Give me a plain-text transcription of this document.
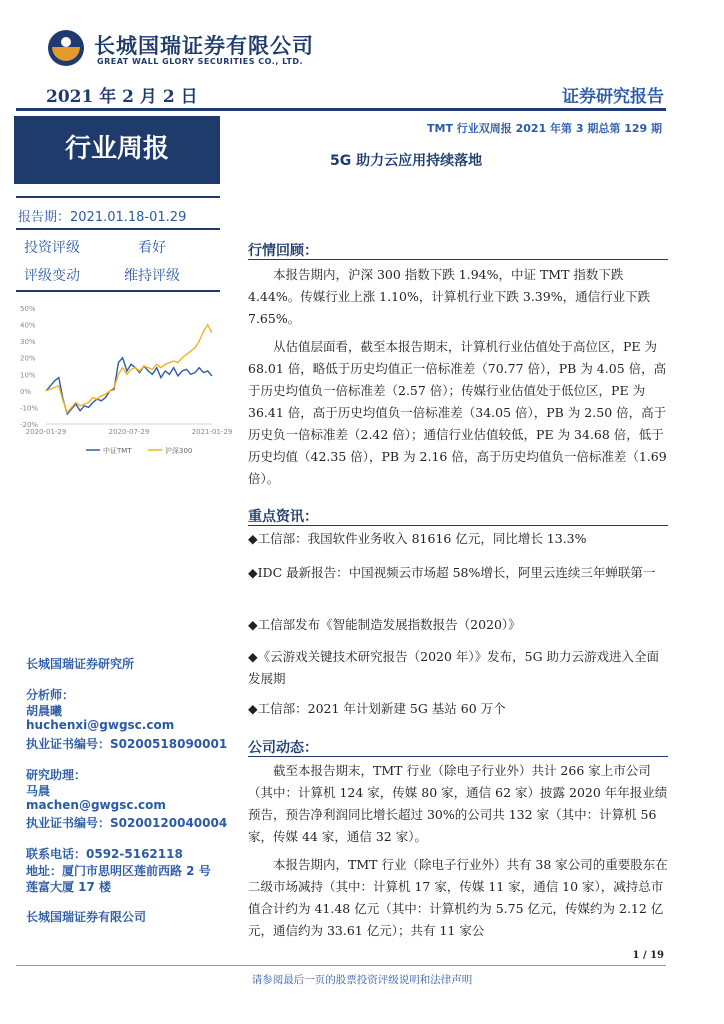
长城国瑞证券有限公司
GREAT WALL GLORY SECURITIES CO., LTD.
2021 年 2 月 2 日	证券研究报告
行业周报
TMT 行业双周报 2021 年第 3 期总第 129 期
5G 助力云应用持续落地
报告期：2021.01.18-01.29
投资评级	看好
评级变动	维持评级
50%
40%
30%
20%
10%
0%
-10%
-20%
2020-01-29	2020-07-29	2021-01-29
中证TMT	沪深300
长城国瑞证券研究所
分析师：
胡晨曦
huchenxi@gwgsc.com
执业证书编号：S0200518090001
研究助理：
马晨
machen@gwgsc.com
执业证书编号：S0200120040004
联系电话：0592-5162118
地址：厦门市思明区莲前西路 2 号
莲富大厦 17 楼
长城国瑞证券有限公司
行情回顾：
本报告期内，沪深 300 指数下跌 1.94%，中证 TMT 指数下跌 4.44%。传媒行业上涨 1.10%，计算机行业下跌 3.39%，通信行业下跌 7.65%。
从估值层面看，截至本报告期末，计算机行业估值处于高位区，PE 为 68.01 倍，略低于历史均值正一倍标准差（70.77 倍），PB 为 4.05 倍，高于历史均值负一倍标准差（2.57 倍）；传媒行业估值处于低位区，PE 为 36.41 倍，高于历史均值负一倍标准差（34.05 倍），PB 为 2.50 倍，高于历史负一倍标准差（2.42 倍）；通信行业估值较低，PE 为 34.68 倍，低于历史均值（42.35 倍），PB 为 2.16 倍，高于历史均值负一倍标准差（1.69 倍）。
重点资讯：
◆工信部：我国软件业务收入 81616 亿元，同比增长 13.3%
◆IDC 最新报告：中国视频云市场超 58%增长，阿里云连续三年蝉联第一
◆工信部发布《智能制造发展指数报告（2020）》
◆《云游戏关键技术研究报告（2020 年）》发布，5G 助力云游戏进入全面发展期
◆工信部：2021 年计划新建 5G 基站 60 万个
公司动态：
截至本报告期末，TMT 行业（除电子行业外）共计 266 家上市公司（其中：计算机 124 家，传媒 80 家，通信 62 家）披露 2020 年年报业绩预告，预告净利润同比增长超过 30%的公司共 132 家（其中：计算机 56 家，传媒 44 家，通信 32 家）。
本报告期内，TMT 行业（除电子行业外）共有 38 家公司的重要股东在二级市场减持（其中：计算机 17 家，传媒 11 家，通信 10 家），减持总市值合计约为 41.48 亿元（其中：计算机约为 5.75 亿元，传媒约为 2.12 亿元，通信约为 33.61 亿元）；共有 11 家公
1 / 19
请参阅最后一页的股票投资评级说明和法律声明
